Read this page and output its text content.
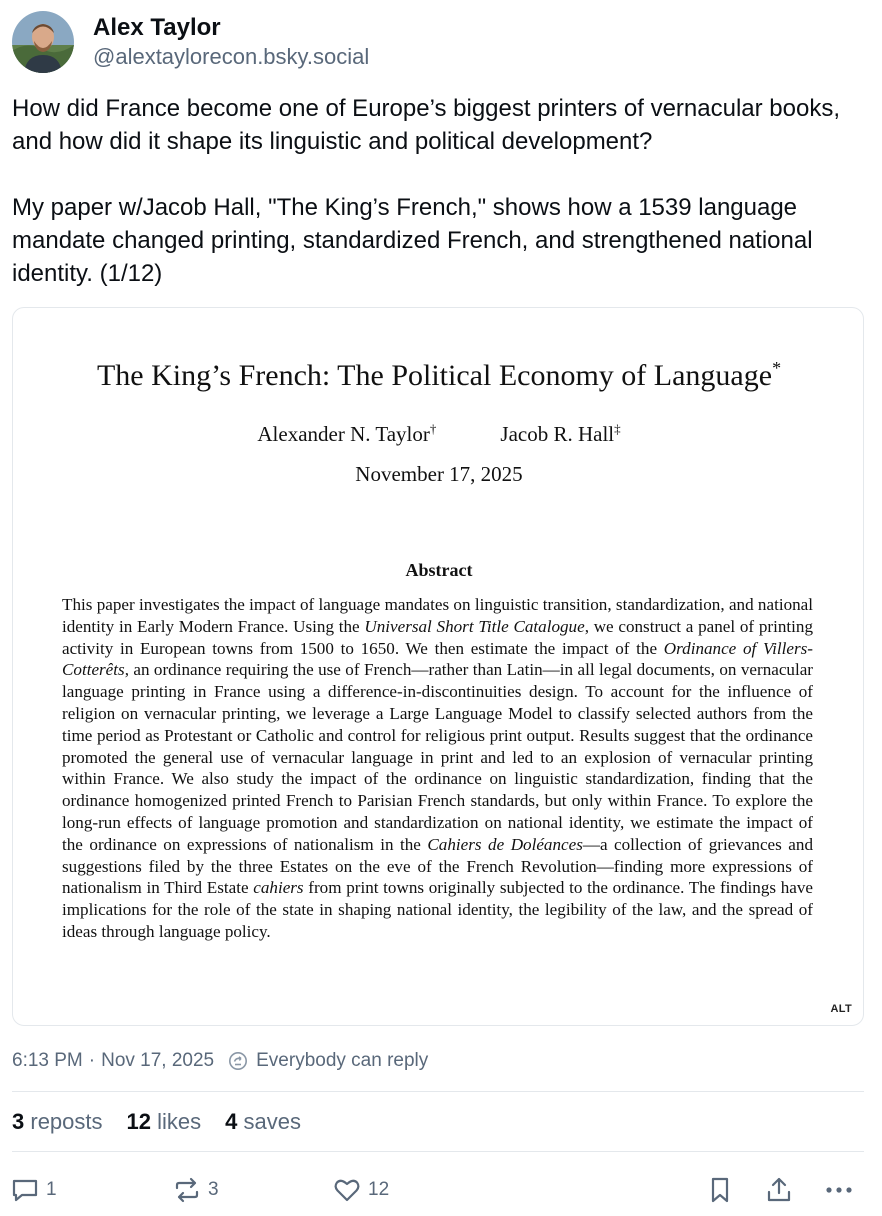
Alex Taylor
@alextaylorecon.bsky.social

How did France become one of Europe’s biggest printers of vernacular books, and how did it shape its linguistic and political development?

My paper w/Jacob Hall, "The King’s French," shows how a 1539 language mandate changed printing, standardized French, and strengthened national identity. (1/12)

The King’s French: The Political Economy of Language*
Alexander N. Taylor†	Jacob R. Hall‡
November 17, 2025
Abstract
This paper investigates the impact of language mandates on linguistic transition, standardization, and national identity in Early Modern France. Using the Universal Short Title Catalogue, we construct a panel of printing activity in European towns from 1500 to 1650. We then estimate the impact of the Ordinance of Villers-Cotterêts, an ordinance requiring the use of French—rather than Latin—in all legal documents, on vernacular language printing in France using a difference-in-discontinuities design. To account for the influence of religion on vernacular printing, we leverage a Large Language Model to classify selected authors from the time period as Protestant or Catholic and control for religious print output. Results suggest that the ordinance promoted the general use of vernacular language in print and led to an explosion of vernacular printing within France. We also study the impact of the ordinance on linguistic standardization, finding that the ordinance homogenized printed French to Parisian French standards, but only within France. To explore the long-run effects of language promotion and standardization on national identity, we estimate the impact of the ordinance on expressions of nationalism in the Cahiers de Doléances—a collection of grievances and suggestions filed by the three Estates on the eve of the French Revolution—finding more expressions of nationalism in Third Estate cahiers from print towns originally subjected to the ordinance. The findings have implications for the role of the state in shaping national identity, the legibility of the law, and the spread of ideas through language policy.
ALT
6:13 PM · Nov 17, 2025 Everybody can reply
3 reposts 12 likes 4 saves
1	3	12
